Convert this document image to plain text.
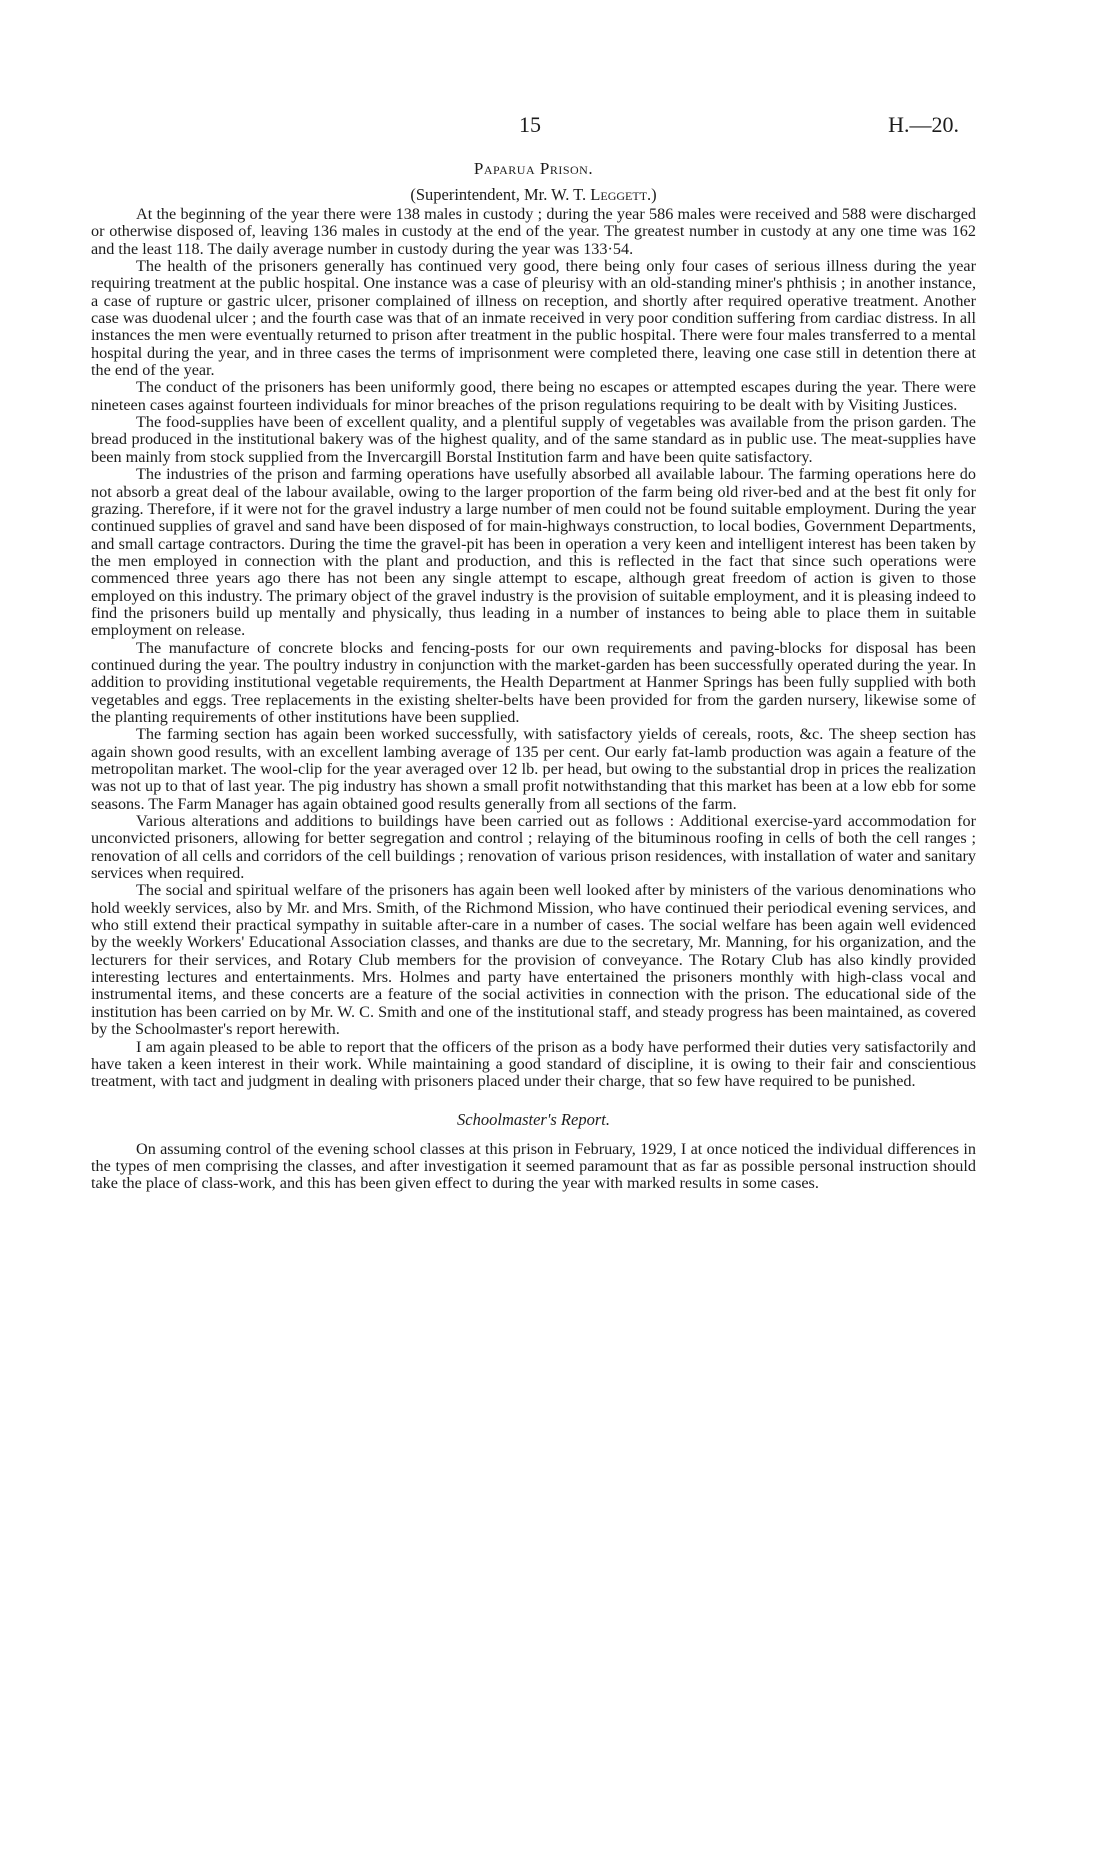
15	H.—20.

Paparua Prison.

(Superintendent, Mr. W. T. Leggett.)

At the beginning of the year there were 138 males in custody ; during the year 586 males were received and 588 were discharged or otherwise disposed of, leaving 136 males in custody at the end of the year. The greatest number in custody at any one time was 162 and the least 118. The daily average number in custody during the year was 133·54.

The health of the prisoners generally has continued very good, there being only four cases of serious illness during the year requiring treatment at the public hospital. One instance was a case of pleurisy with an old-standing miner's phthisis ; in another instance, a case of rupture or gastric ulcer, prisoner complained of illness on reception, and shortly after required operative treatment. Another case was duodenal ulcer ; and the fourth case was that of an inmate received in very poor condition suffering from cardiac distress. In all instances the men were eventually returned to prison after treatment in the public hospital. There were four males transferred to a mental hospital during the year, and in three cases the terms of imprisonment were completed there, leaving one case still in detention there at the end of the year.

The conduct of the prisoners has been uniformly good, there being no escapes or attempted escapes during the year. There were nineteen cases against fourteen individuals for minor breaches of the prison regulations requiring to be dealt with by Visiting Justices.

The food-supplies have been of excellent quality, and a plentiful supply of vegetables was available from the prison garden. The bread produced in the institutional bakery was of the highest quality, and of the same standard as in public use. The meat-supplies have been mainly from stock supplied from the Invercargill Borstal Institution farm and have been quite satisfactory.

The industries of the prison and farming operations have usefully absorbed all available labour. The farming operations here do not absorb a great deal of the labour available, owing to the larger proportion of the farm being old river-bed and at the best fit only for grazing. Therefore, if it were not for the gravel industry a large number of men could not be found suitable employment. During the year continued supplies of gravel and sand have been disposed of for main-highways construction, to local bodies, Government Departments, and small cartage contractors. During the time the gravel-pit has been in operation a very keen and intelligent interest has been taken by the men employed in connection with the plant and production, and this is reflected in the fact that since such operations were commenced three years ago there has not been any single attempt to escape, although great freedom of action is given to those employed on this industry. The primary object of the gravel industry is the provision of suitable employment, and it is pleasing indeed to find the prisoners build up mentally and physically, thus leading in a number of instances to being able to place them in suitable employment on release.

The manufacture of concrete blocks and fencing-posts for our own requirements and paving-blocks for disposal has been continued during the year. The poultry industry in conjunction with the market-garden has been successfully operated during the year. In addition to providing institutional vegetable requirements, the Health Department at Hanmer Springs has been fully supplied with both vegetables and eggs. Tree replacements in the existing shelter-belts have been provided for from the garden nursery, likewise some of the planting requirements of other institutions have been supplied.

The farming section has again been worked successfully, with satisfactory yields of cereals, roots, &c. The sheep section has again shown good results, with an excellent lambing average of 135 per cent. Our early fat-lamb production was again a feature of the metropolitan market. The wool-clip for the year averaged over 12 lb. per head, but owing to the substantial drop in prices the realization was not up to that of last year. The pig industry has shown a small profit notwithstanding that this market has been at a low ebb for some seasons. The Farm Manager has again obtained good results generally from all sections of the farm.

Various alterations and additions to buildings have been carried out as follows : Additional exercise-yard accommodation for unconvicted prisoners, allowing for better segregation and control ; relaying of the bituminous roofing in cells of both the cell ranges ; renovation of all cells and corridors of the cell buildings ; renovation of various prison residences, with installation of water and sanitary services when required.

The social and spiritual welfare of the prisoners has again been well looked after by ministers of the various denominations who hold weekly services, also by Mr. and Mrs. Smith, of the Richmond Mission, who have continued their periodical evening services, and who still extend their practical sympathy in suitable after-care in a number of cases. The social welfare has been again well evidenced by the weekly Workers' Educational Association classes, and thanks are due to the secretary, Mr. Manning, for his organization, and the lecturers for their services, and Rotary Club members for the provision of conveyance. The Rotary Club has also kindly provided interesting lectures and entertainments. Mrs. Holmes and party have entertained the prisoners monthly with high-class vocal and instrumental items, and these concerts are a feature of the social activities in connection with the prison. The educational side of the institution has been carried on by Mr. W. C. Smith and one of the institutional staff, and steady progress has been maintained, as covered by the Schoolmaster's report herewith.

I am again pleased to be able to report that the officers of the prison as a body have performed their duties very satisfactorily and have taken a keen interest in their work. While maintaining a good standard of discipline, it is owing to their fair and conscientious treatment, with tact and judgment in dealing with prisoners placed under their charge, that so few have required to be punished.

Schoolmaster's Report.

On assuming control of the evening school classes at this prison in February, 1929, I at once noticed the individual differences in the types of men comprising the classes, and after investigation it seemed paramount that as far as possible personal instruction should take the place of class-work, and this has been given effect to during the year with marked results in some cases.
